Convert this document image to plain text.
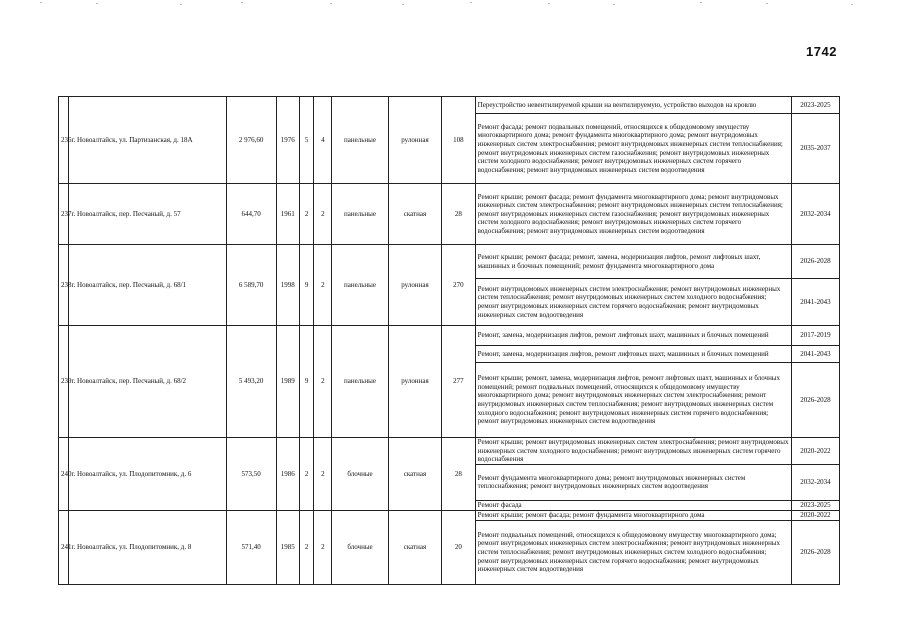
1742
236	г. Новоалтайск, ул. Партизанская, д. 18А	2 976,60	1976	5	4	панельные	рулонная	108	Переустройство невентилируемой крыши на вентилируемую, устройство выходов на кровлю	2023-2025
									Ремонт фасада; ремонт подвальных помещений, относящихся к общедомовому имуществу многоквартирного дома; ремонт фундамента многоквартирного дома; ремонт внутридомовых инженерных систем электроснабжения; ремонт внутридомовых инженерных систем теплоснабжения; ремонт внутридомовых инженерных систем газоснабжения; ремонт внутридомовых инженерных систем холодного водоснабжения; ремонт внутридомовых инженерных систем горячего водоснабжения; ремонт внутридомовых инженерных систем водоотведения	2035-2037
237	г. Новоалтайск, пер. Песчаный, д. 57	644,70	1961	2	2	панельные	скатная	28	Ремонт крыши; ремонт фасада; ремонт фундамента многоквартирного дома; ремонт внутридомовых инженерных систем электроснабжения; ремонт внутридомовых инженерных систем теплоснабжения; ремонт внутридомовых инженерных систем газоснабжения; ремонт внутридомовых инженерных систем холодного водоснабжения; ремонт внутридомовых инженерных систем горячего водоснабжения; ремонт внутридомовых инженерных систем водоотведения	2032-2034
238	г. Новоалтайск, пер. Песчаный, д. 68/1	6 589,70	1998	9	2	панельные	рулонная	270	Ремонт крыши; ремонт фасада; ремонт, замена, модернизация лифтов, ремонт лифтовых шахт, машинных и блочных помещений; ремонт фундамента многоквартирного дома	2026-2028
									Ремонт внутридомовых инженерных систем электроснабжения; ремонт внутридомовых инженерных систем теплоснабжения; ремонт внутридомовых инженерных систем холодного водоснабжения; ремонт внутридомовых инженерных систем горячего водоснабжения; ремонт внутридомовых инженерных систем водоотведения	2041-2043
239	г. Новоалтайск, пер. Песчаный, д. 68/2	5 493,20	1989	9	2	панельные	рулонная	277	Ремонт, замена, модернизация лифтов, ремонт лифтовых шахт, машинных и блочных помещений	2017-2019
									Ремонт, замена, модернизация лифтов, ремонт лифтовых шахт, машинных и блочных помещений	2041-2043
									Ремонт крыши; ремонт, замена, модернизация лифтов, ремонт лифтовых шахт, машинных и блочных помещений; ремонт подвальных помещений, относящихся к общедомовому имуществу многоквартирного дома; ремонт внутридомовых инженерных систем электроснабжения; ремонт внутридомовых инженерных систем теплоснабжения; ремонт внутридомовых инженерных систем холодного водоснабжения; ремонт внутридомовых инженерных систем горячего водоснабжения; ремонт внутридомовых инженерных систем водоотведения	2026-2028
240	г. Новоалтайск, ул. Плодопитомник, д. 6	573,50	1986	2	2	блочные	скатная	28	Ремонт крыши; ремонт внутридомовых инженерных систем электроснабжения; ремонт внутридомовых инженерных систем холодного водоснабжения; ремонт внутридомовых инженерных систем горячего водоснабжения	2020-2022
									Ремонт фундамента многоквартирного дома; ремонт внутридомовых инженерных систем теплоснабжения; ремонт внутридомовых инженерных систем водоотведения	2032-2034
									Ремонт фасада	2023-2025
241	г. Новоалтайск, ул. Плодопитомник, д. 8	571,40	1985	2	2	блочные	скатная	20	Ремонт крыши; ремонт фасада; ремонт фундамента многоквартирного дома	2020-2022
									Ремонт подвальных помещений, относящихся к общедомовому имуществу многоквартирного дома; ремонт внутридомовых инженерных систем электроснабжения; ремонт внутридомовых инженерных систем теплоснабжения; ремонт внутридомовых инженерных систем холодного водоснабжения; ремонт внутридомовых инженерных систем горячего водоснабжения; ремонт внутридомовых инженерных систем водоотведения	2026-2028
